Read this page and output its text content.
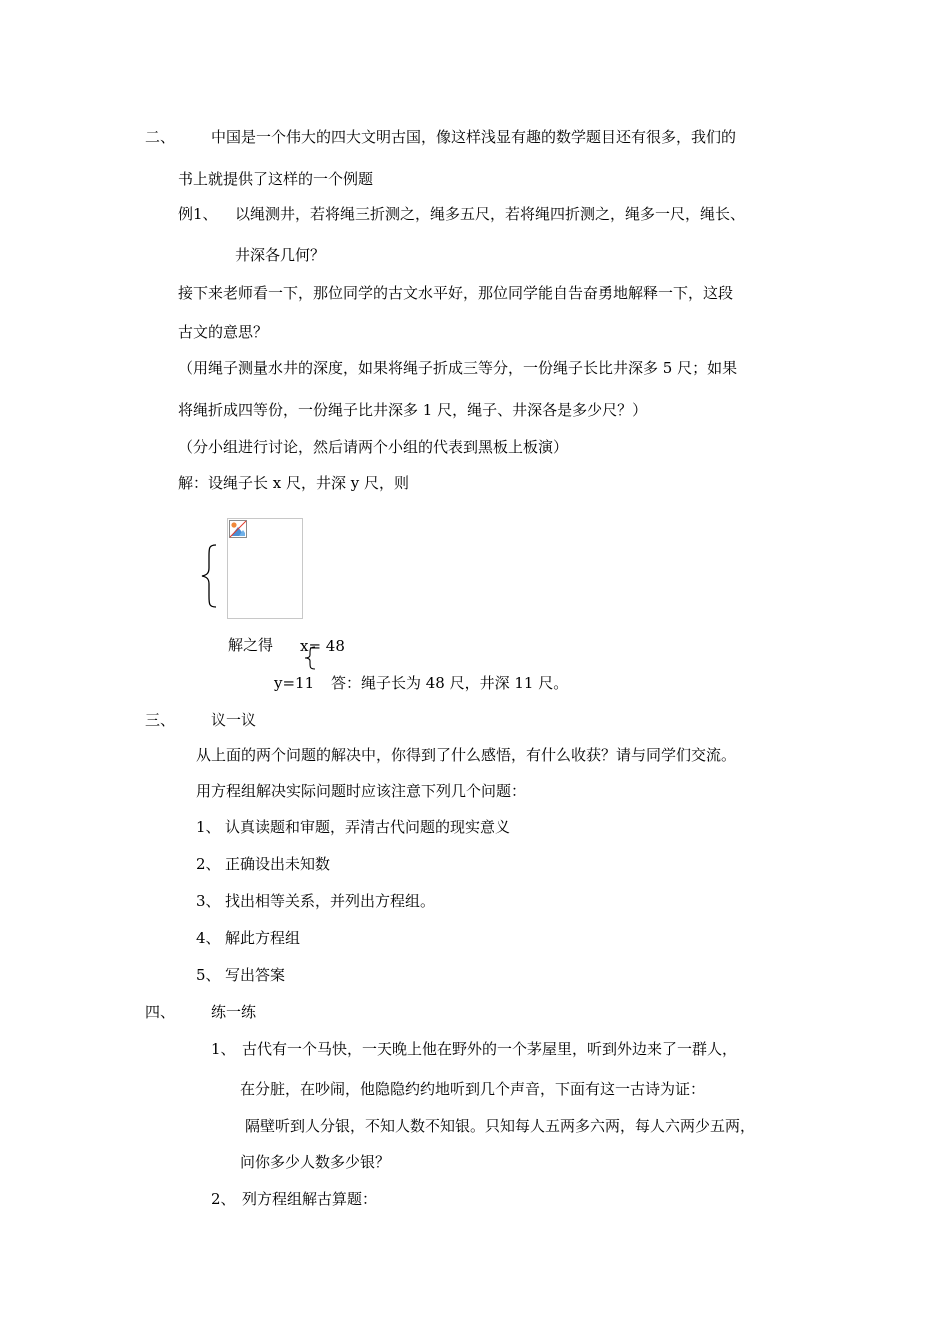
二、 中国是一个伟大的四大文明古国，像这样浅显有趣的数学题目还有很多，我们的
书上就提供了这样的一个例题
例1、 以绳测井，若将绳三折测之，绳多五尺，若将绳四折测之，绳多一尺，绳长、
井深各几何？
接下来老师看一下，那位同学的古文水平好，那位同学能自告奋勇地解释一下，这段
古文的意思？
（用绳子测量水井的深度，如果将绳子折成三等分，一份绳子长比井深多 5 尺；如果
将绳折成四等份，一份绳子比井深多 1 尺，绳子、井深各是多少尺？）
（分小组进行讨论，然后请两个小组的代表到黑板上板演）
解：设绳子长 x 尺，井深 y 尺，则
解之得 x= 48
y=11 答：绳子长为 48 尺，井深 11 尺。
三、 议一议
从上面的两个问题的解决中，你得到了什么感悟，有什么收获？请与同学们交流。
用方程组解决实际问题时应该注意下列几个问题：
1、 认真读题和审题，弄清古代问题的现实意义
2、 正确设出未知数
3、 找出相等关系，并列出方程组。
4、 解此方程组
5、 写出答案
四、 练一练
1、 古代有一个马快，一天晚上他在野外的一个茅屋里，听到外边来了一群人，
在分脏，在吵闹，他隐隐约约地听到几个声音，下面有这一古诗为证：
隔壁听到人分银，不知人数不知银。只知每人五两多六两，每人六两少五两，
问你多少人数多少银？
2、 列方程组解古算题：
